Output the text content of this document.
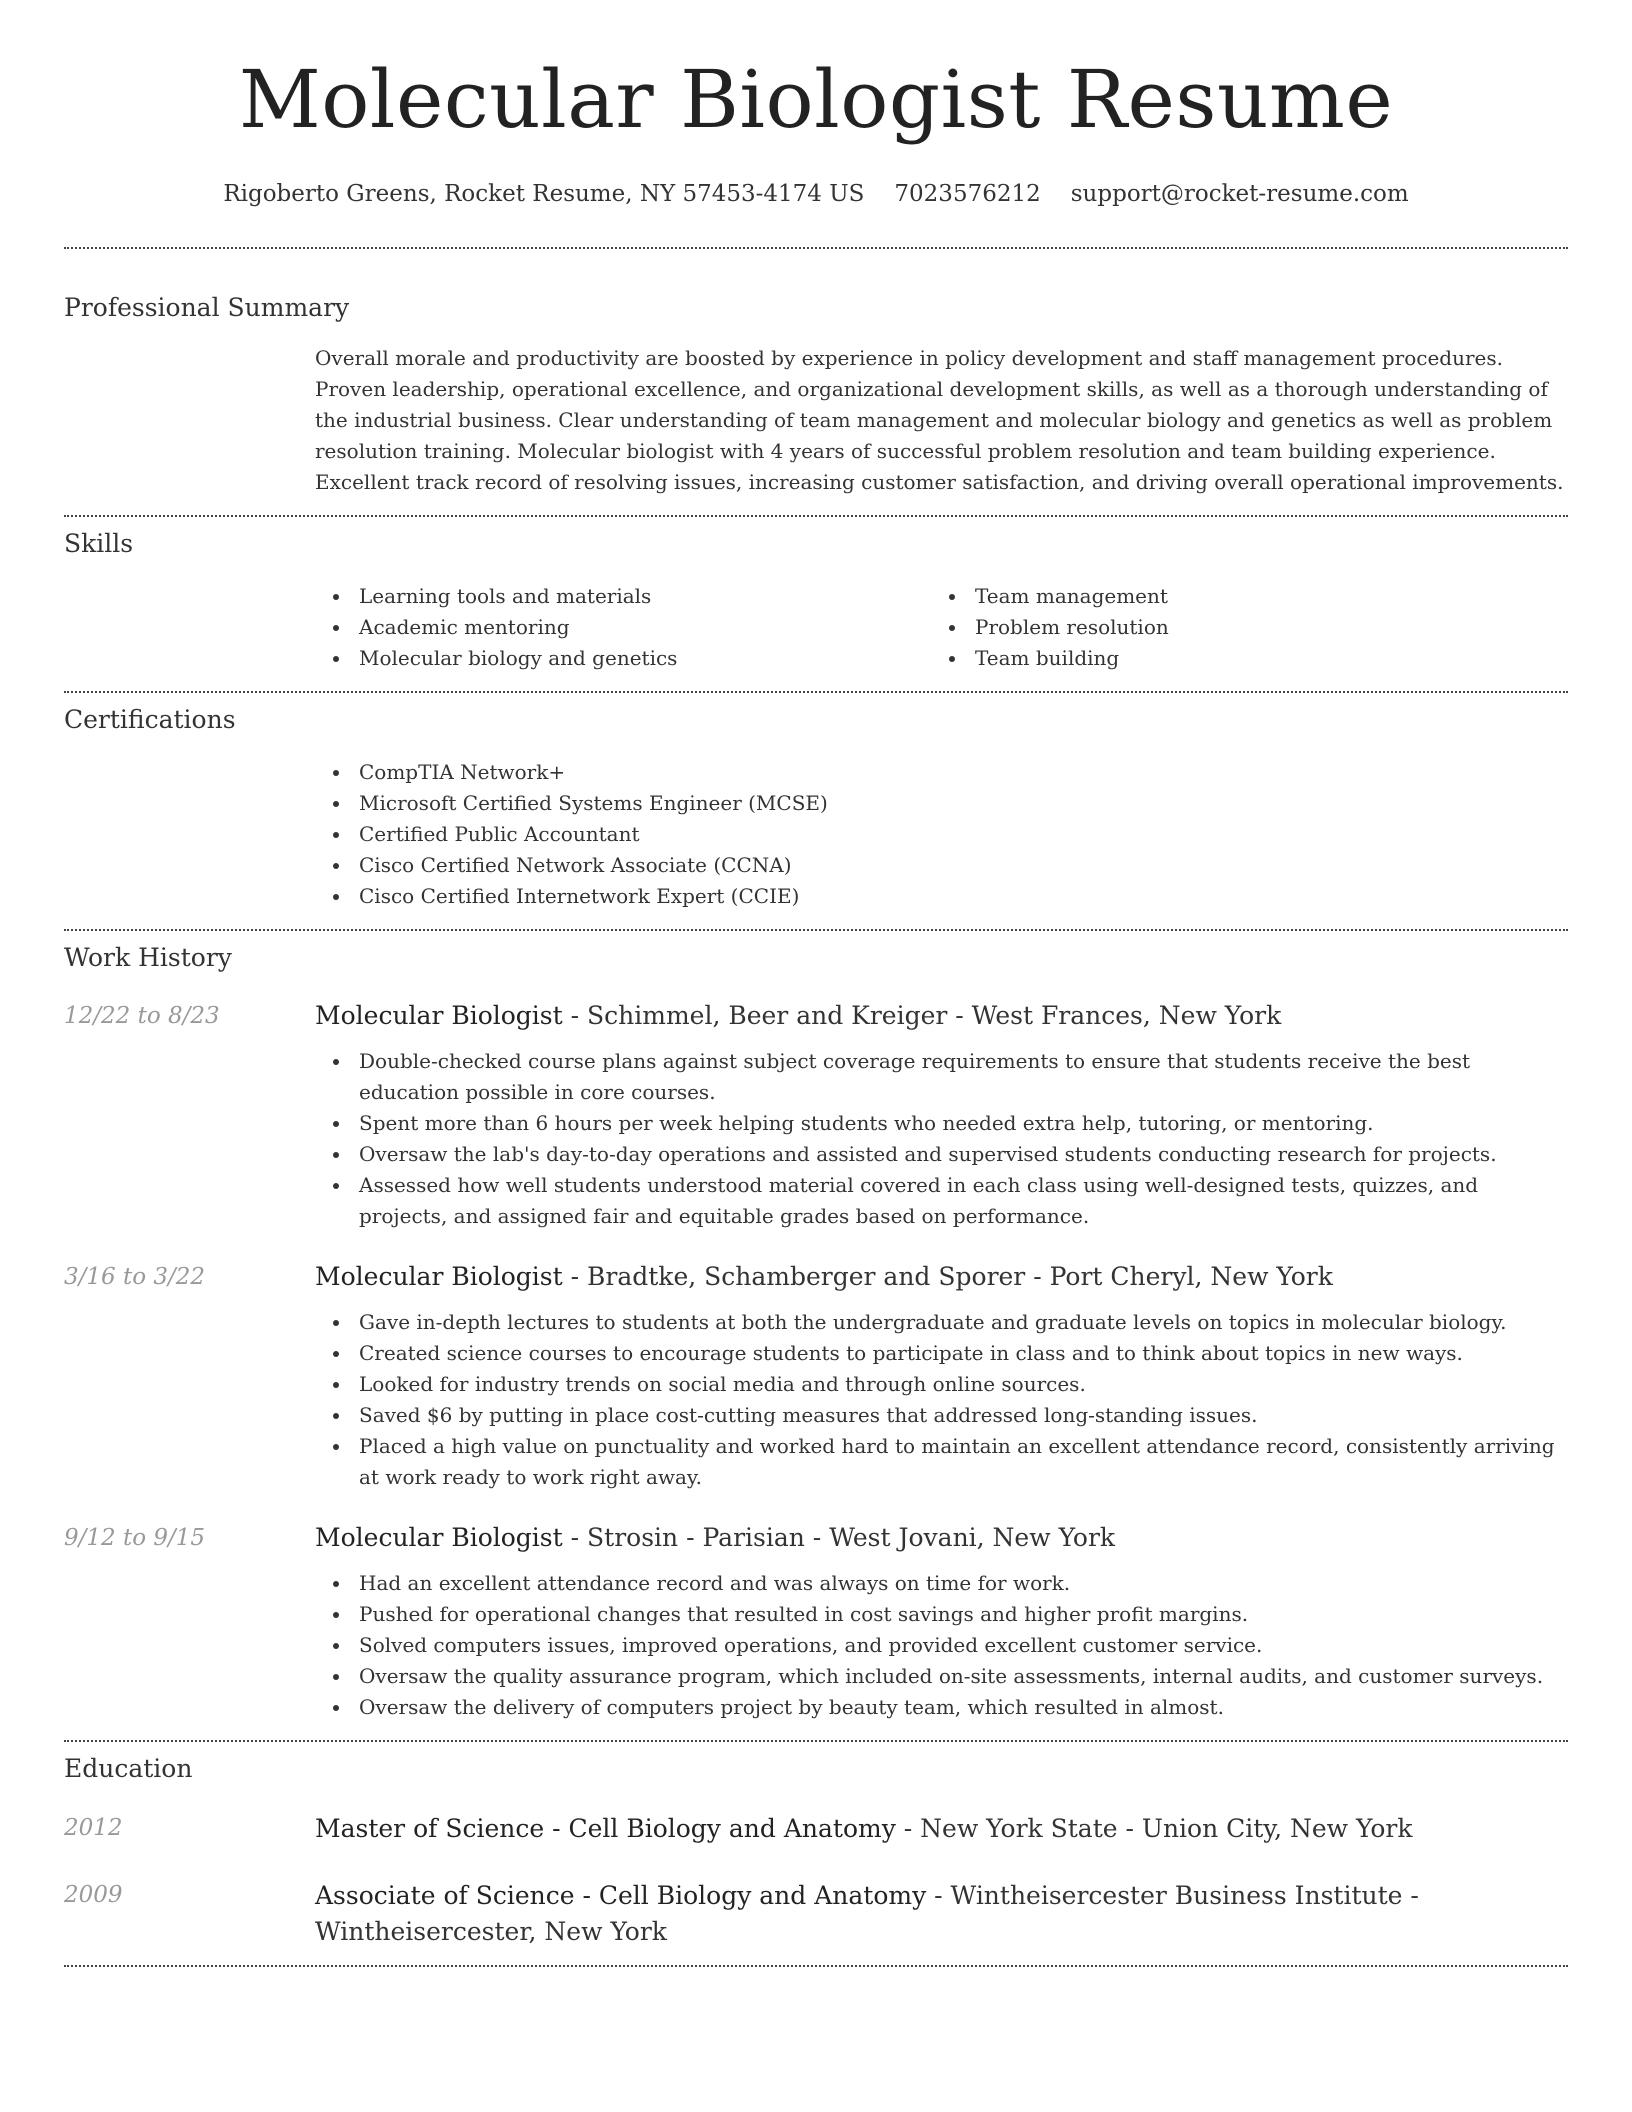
Molecular Biologist Resume
Rigoberto Greens, Rocket Resume, NY 57453-4174 US 7023576212 support@rocket-resume.com
Professional Summary

Overall morale and productivity are boosted by experience in policy development and staff management procedures. Proven leadership, operational excellence, and organizational development skills, as well as a thorough understanding of the industrial business. Clear understanding of team management and molecular biology and genetics as well as problem resolution training. Molecular biologist with 4 years of successful problem resolution and team building experience. Excellent track record of resolving issues, increasing customer satisfaction, and driving overall operational improvements.

Skills
Learning tools and materials
Academic mentoring
Molecular biology and genetics
Team management
Problem resolution
Team building
Certifications
CompTIA Network+
Microsoft Certified Systems Engineer (MCSE)
Certified Public Accountant
Cisco Certified Network Associate (CCNA)
Cisco Certified Internetwork Expert (CCIE)
Work History
12/22 to 8/23	Molecular Biologist - Schimmel, Beer and Kreiger - West Frances, New York
Double-checked course plans against subject coverage requirements to ensure that students receive the best education possible in core courses.
Spent more than 6 hours per week helping students who needed extra help, tutoring, or mentoring.
Oversaw the lab's day-to-day operations and assisted and supervised students conducting research for projects.
Assessed how well students understood material covered in each class using well-designed tests, quizzes, and projects, and assigned fair and equitable grades based on performance.
3/16 to 3/22	Molecular Biologist - Bradtke, Schamberger and Sporer - Port Cheryl, New York
Gave in-depth lectures to students at both the undergraduate and graduate levels on topics in molecular biology.
Created science courses to encourage students to participate in class and to think about topics in new ways.
Looked for industry trends on social media and through online sources.
Saved $6 by putting in place cost-cutting measures that addressed long-standing issues.
Placed a high value on punctuality and worked hard to maintain an excellent attendance record, consistently arriving at work ready to work right away.
9/12 to 9/15	Molecular Biologist - Strosin - Parisian - West Jovani, New York
Had an excellent attendance record and was always on time for work.
Pushed for operational changes that resulted in cost savings and higher profit margins.
Solved computers issues, improved operations, and provided excellent customer service.
Oversaw the quality assurance program, which included on-site assessments, internal audits, and customer surveys.
Oversaw the delivery of computers project by beauty team, which resulted in almost.
Education
2012	Master of Science - Cell Biology and Anatomy - New York State - Union City, New York
2009	Associate of Science - Cell Biology and Anatomy - Wintheisercester Business Institute - Wintheisercester, New York
